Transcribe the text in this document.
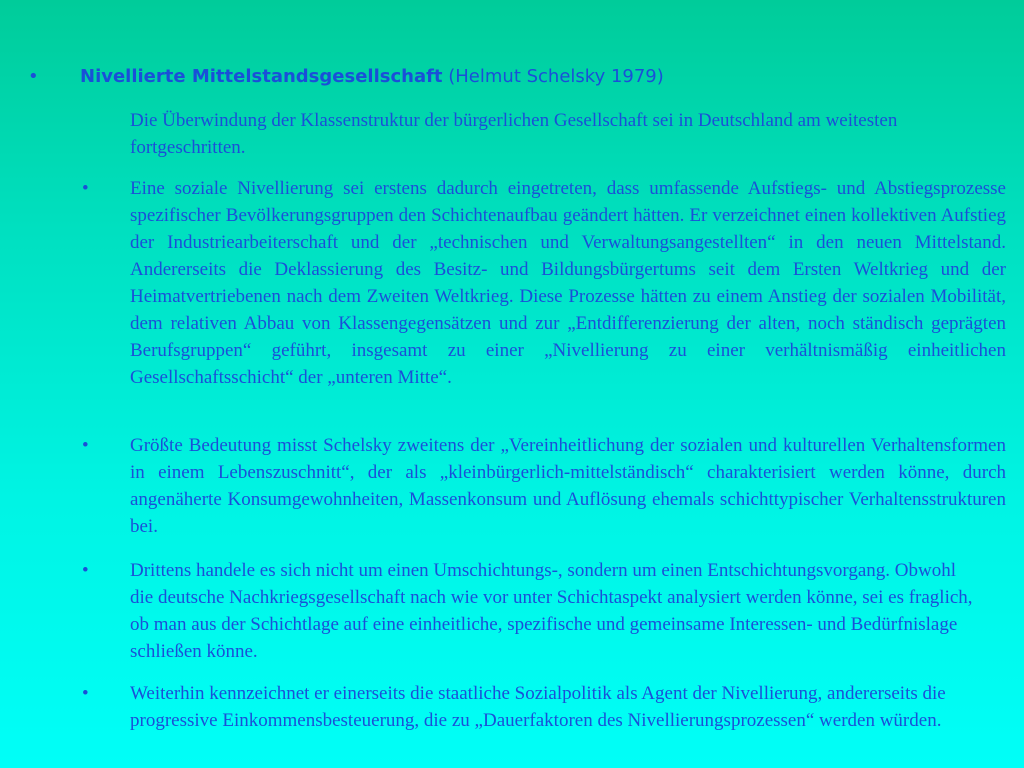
• Nivellierte Mittelstandsgesellschaft (Helmut Schelsky 1979)
Die Überwindung der Klassenstruktur der bürgerlichen Gesellschaft sei in Deutschland am weitesten fortgeschritten.
• Eine soziale Nivellierung sei erstens dadurch eingetreten, dass umfassende Aufstiegs- und Abstiegsprozesse spezifischer Bevölkerungsgruppen den Schichtenaufbau geändert hätten. Er verzeichnet einen kollektiven Aufstieg der Industriearbeiterschaft und der „technischen und Verwaltungsangestellten“ in den neuen Mittelstand. Andererseits die Deklassierung des Besitz- und Bildungsbürgertums seit dem Ersten Weltkrieg und der Heimatvertriebenen nach dem Zweiten Weltkrieg. Diese Prozesse hätten zu einem Anstieg der sozialen Mobilität, dem relativen Abbau von Klassengegensätzen und zur „Entdifferenzierung der alten, noch ständisch geprägten Berufsgruppen“ geführt, insgesamt zu einer „Nivellierung zu einer verhältnismäßig einheitlichen Gesellschaftsschicht“ der „unteren Mitte“.
• Größte Bedeutung misst Schelsky zweitens der „Vereinheitlichung der sozialen und kulturellen Verhaltensformen in einem Lebenszuschnitt“, der als „kleinbürgerlich-mittelständisch“ charakterisiert werden könne, durch angenäherte Konsumgewohnheiten, Massenkonsum und Auflösung ehemals schichttypischer Verhaltensstrukturen bei.
• Drittens handele es sich nicht um einen Umschichtungs-, sondern um einen Entschichtungsvorgang. Obwohl die deutsche Nachkriegsgesellschaft nach wie vor unter Schichtaspekt analysiert werden könne, sei es fraglich, ob man aus der Schichtlage auf eine einheitliche, spezifische und gemeinsame Interessen- und Bedürfnislage schließen könne.
• Weiterhin kennzeichnet er einerseits die staatliche Sozialpolitik als Agent der Nivellierung, andererseits die progressive Einkommensbesteuerung, die zu „Dauerfaktoren des Nivellierungsprozessen“ werden würden.
